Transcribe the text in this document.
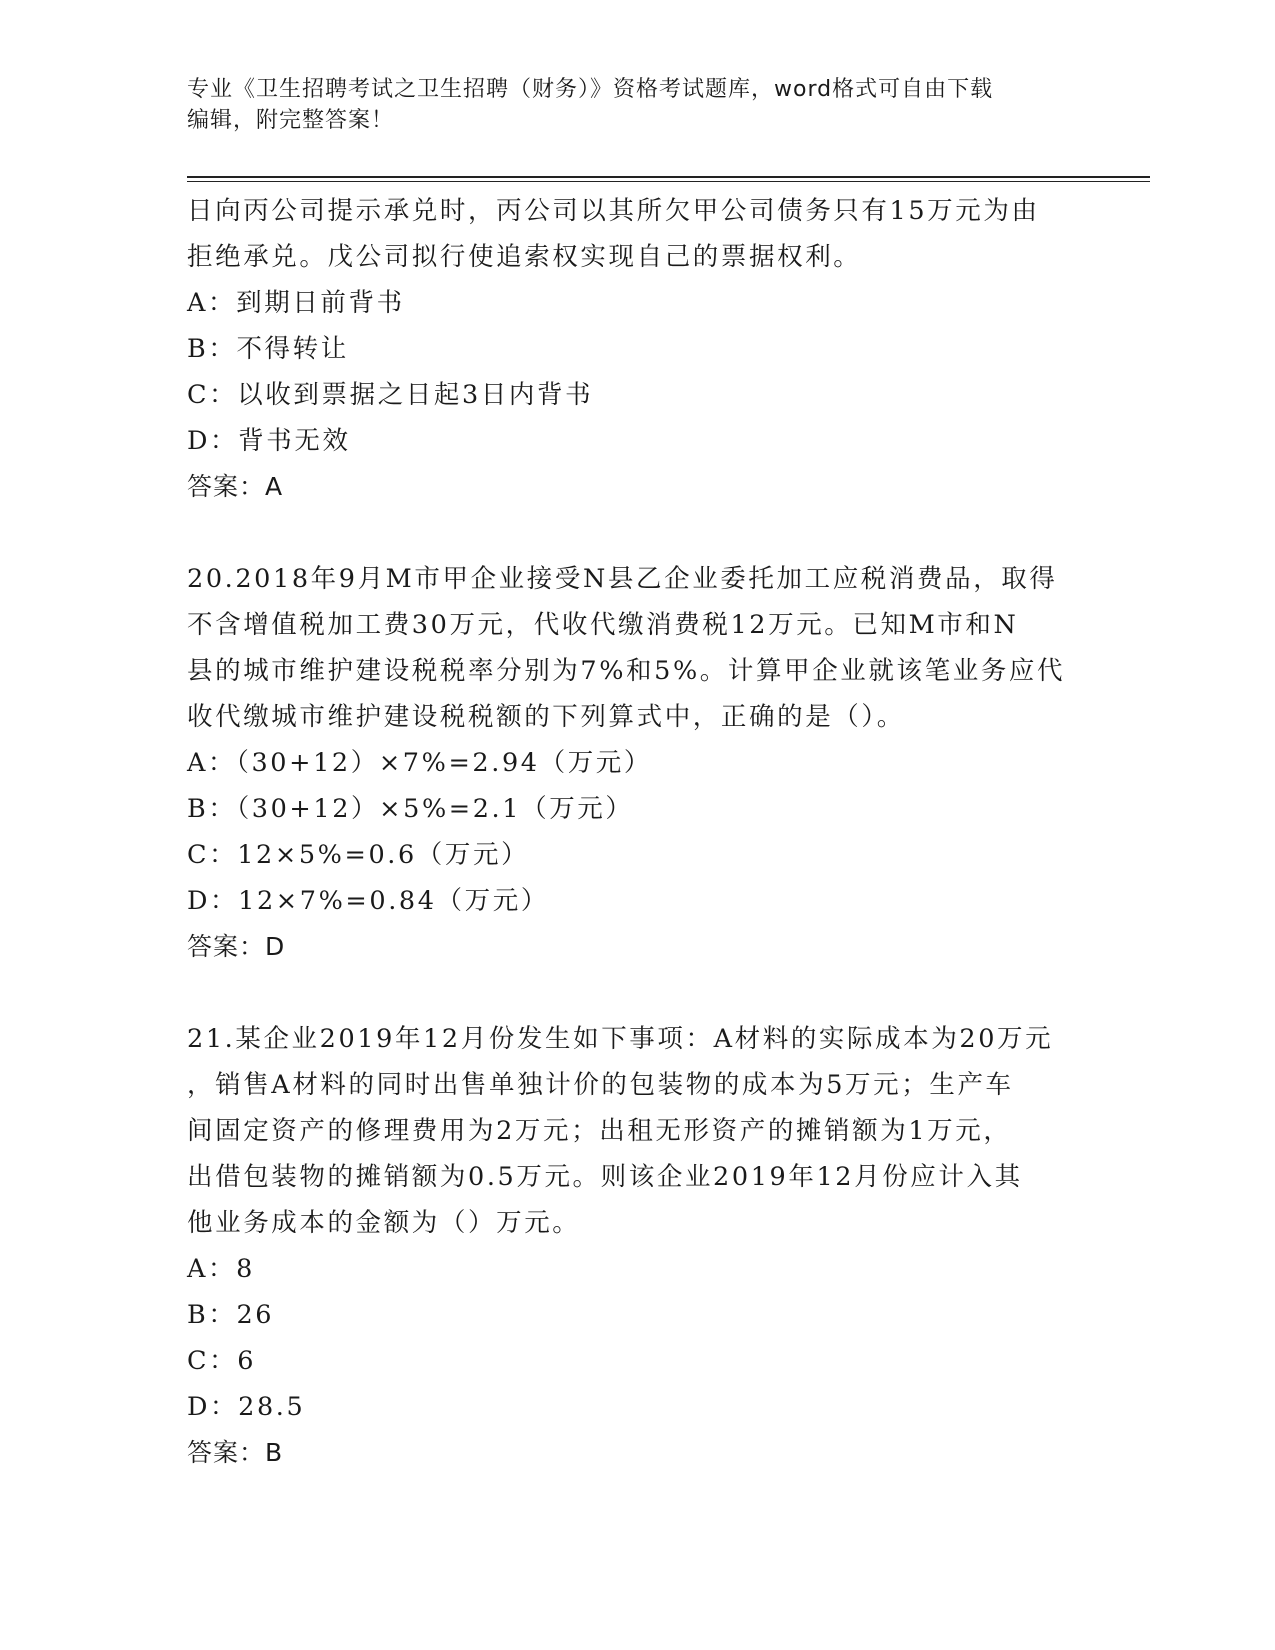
专业《卫生招聘考试之卫生招聘（财务）》资格考试题库，word格式可自由下载
编辑，附完整答案！
日向丙公司提示承兑时，丙公司以其所欠甲公司债务只有15万元为由
拒绝承兑。戊公司拟行使追索权实现自己的票据权利。
A：到期日前背书
B：不得转让
C：以收到票据之日起3日内背书
D：背书无效
答案：A
20.2018年9月M市甲企业接受N县乙企业委托加工应税消费品，取得
不含增值税加工费30万元，代收代缴消费税12万元。已知M市和N
县的城市维护建设税税率分别为7%和5%。计算甲企业就该笔业务应代
收代缴城市维护建设税税额的下列算式中，正确的是（）。
A：（30+12）×7%=2.94（万元）
B：（30+12）×5%=2.1（万元）
C：12×5%=0.6（万元）
D：12×7%=0.84（万元）
答案：D
21.某企业2019年12月份发生如下事项：A材料的实际成本为20万元
，销售A材料的同时出售单独计价的包装物的成本为5万元；生产车
间固定资产的修理费用为2万元；出租无形资产的摊销额为1万元，
出借包装物的摊销额为0.5万元。则该企业2019年12月份应计入其
他业务成本的金额为（）万元。
A：8
B：26
C：6
D：28.5
答案：B
